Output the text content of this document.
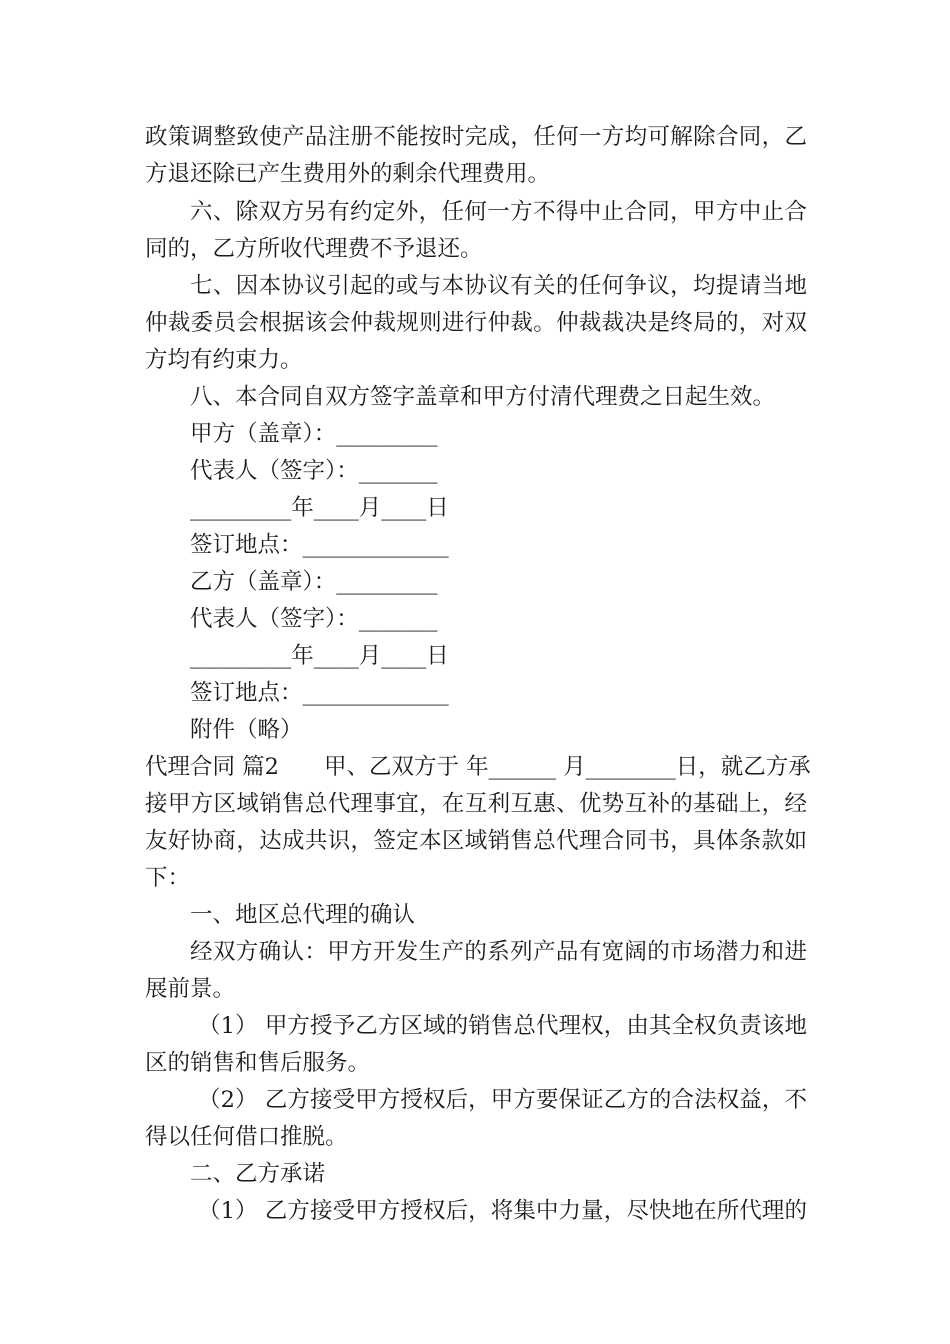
政策调整致使产品注册不能按时完成，任何一方均可解除合同，乙
方退还除已产生费用外的剩余代理费用。
六、除双方另有约定外，任何一方不得中止合同，甲方中止合
同的，乙方所收代理费不予退还。
七、因本协议引起的或与本协议有关的任何争议，均提请当地
仲裁委员会根据该会仲裁规则进行仲裁。仲裁裁决是终局的，对双
方均有约束力。
八、本合同自双方签字盖章和甲方付清代理费之日起生效。
甲方（盖章）：_________
代表人（签字）：_______
_________年____月____日
签订地点：_____________
乙方（盖章）：_________
代表人（签字）：_______
_________年____月____日
签订地点：_____________
附件（略）
代理合同 篇2　　甲、乙双方于 年______ 月________日，就乙方承
接甲方区域销售总代理事宜，在互利互惠、优势互补的基础上，经
友好协商，达成共识，签定本区域销售总代理合同书，具体条款如
下：
一、地区总代理的确认
经双方确认：甲方开发生产的系列产品有宽阔的市场潜力和进
展前景。
（1） 甲方授予乙方区域的销售总代理权，由其全权负责该地
区的销售和售后服务。
（2） 乙方接受甲方授权后，甲方要保证乙方的合法权益，不
得以任何借口推脱。
二、乙方承诺
（1） 乙方接受甲方授权后，将集中力量，尽快地在所代理的
